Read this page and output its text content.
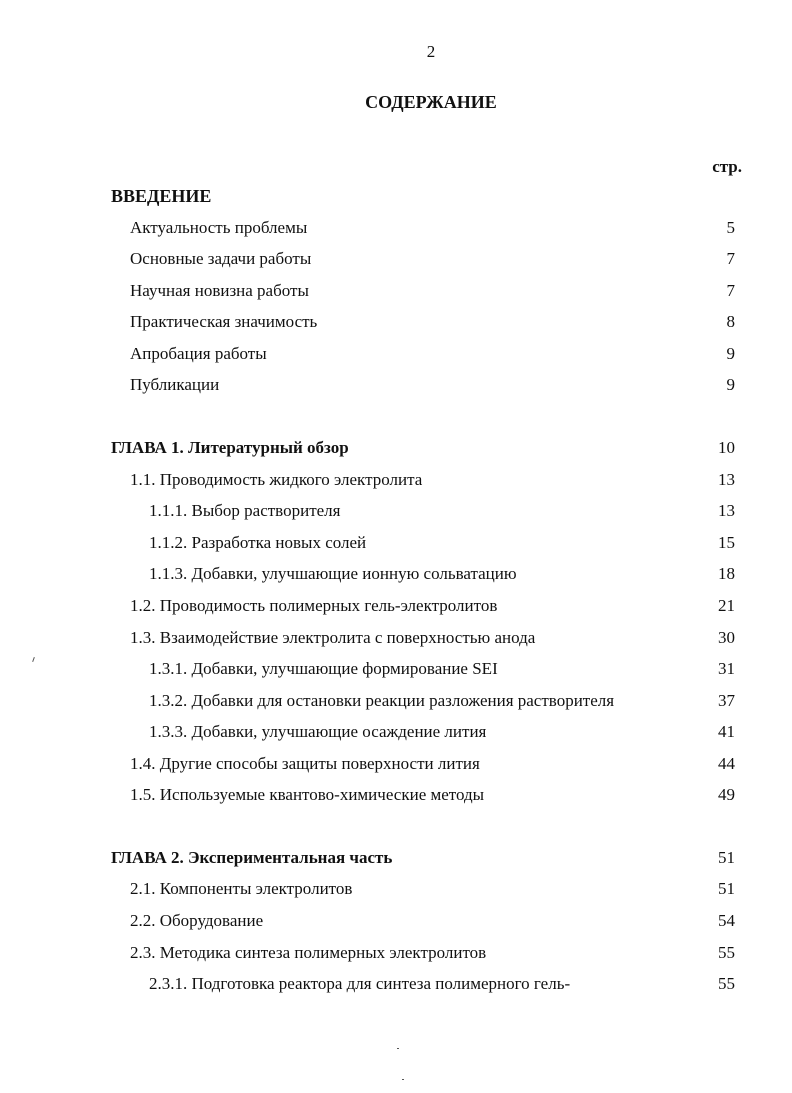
2
СОДЕРЖАНИЕ
стр.
ВВЕДЕНИЕ
Актуальность проблемы	5
Основные задачи работы	7
Научная новизна работы	7
Практическая значимость	8
Апробация работы	9
Публикации	9
ГЛАВА 1. Литературный обзор	10
1.1. Проводимость жидкого электролита	13
1.1.1. Выбор растворителя	13
1.1.2. Разработка новых солей	15
1.1.3. Добавки, улучшающие ионную сольватацию	18
1.2. Проводимость полимерных гель-электролитов	21
1.3. Взаимодействие электролита с поверхностью анода	30
1.3.1. Добавки, улучшающие формирование SEI	31
1.3.2. Добавки для остановки реакции разложения растворителя	37
1.3.3. Добавки, улучшающие осаждение лития	41
1.4. Другие способы защиты поверхности лития	44
1.5. Используемые квантово-химические методы	49
ГЛАВА 2. Экспериментальная часть	51
2.1. Компоненты электролитов	51
2.2. Оборудование	54
2.3. Методика синтеза полимерных электролитов	55
2.3.1. Подготовка реактора для синтеза полимерного гель-	55
